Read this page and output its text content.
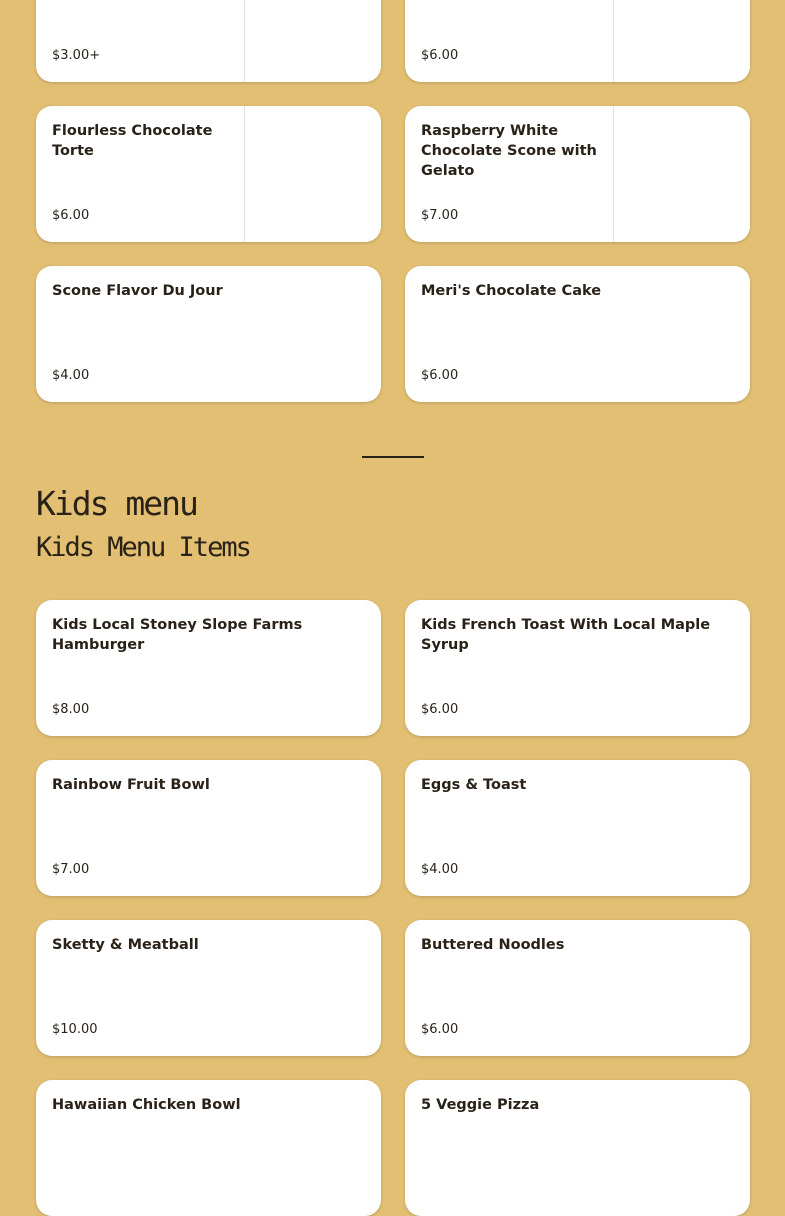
$3.00+	$6.00
Flourless Chocolate Torte
$6.00
Raspberry White Chocolate Scone with Gelato
$7.00
Scone Flavor Du Jour
$4.00
Meri's Chocolate Cake
$6.00
Kids menu
Kids Menu Items
Kids Local Stoney Slope Farms Hamburger
$8.00
Kids French Toast With Local Maple Syrup
$6.00
Rainbow Fruit Bowl
$7.00
Eggs & Toast
$4.00
Sketty & Meatball
$10.00
Buttered Noodles
$6.00
Hawaiian Chicken Bowl	5 Veggie Pizza
